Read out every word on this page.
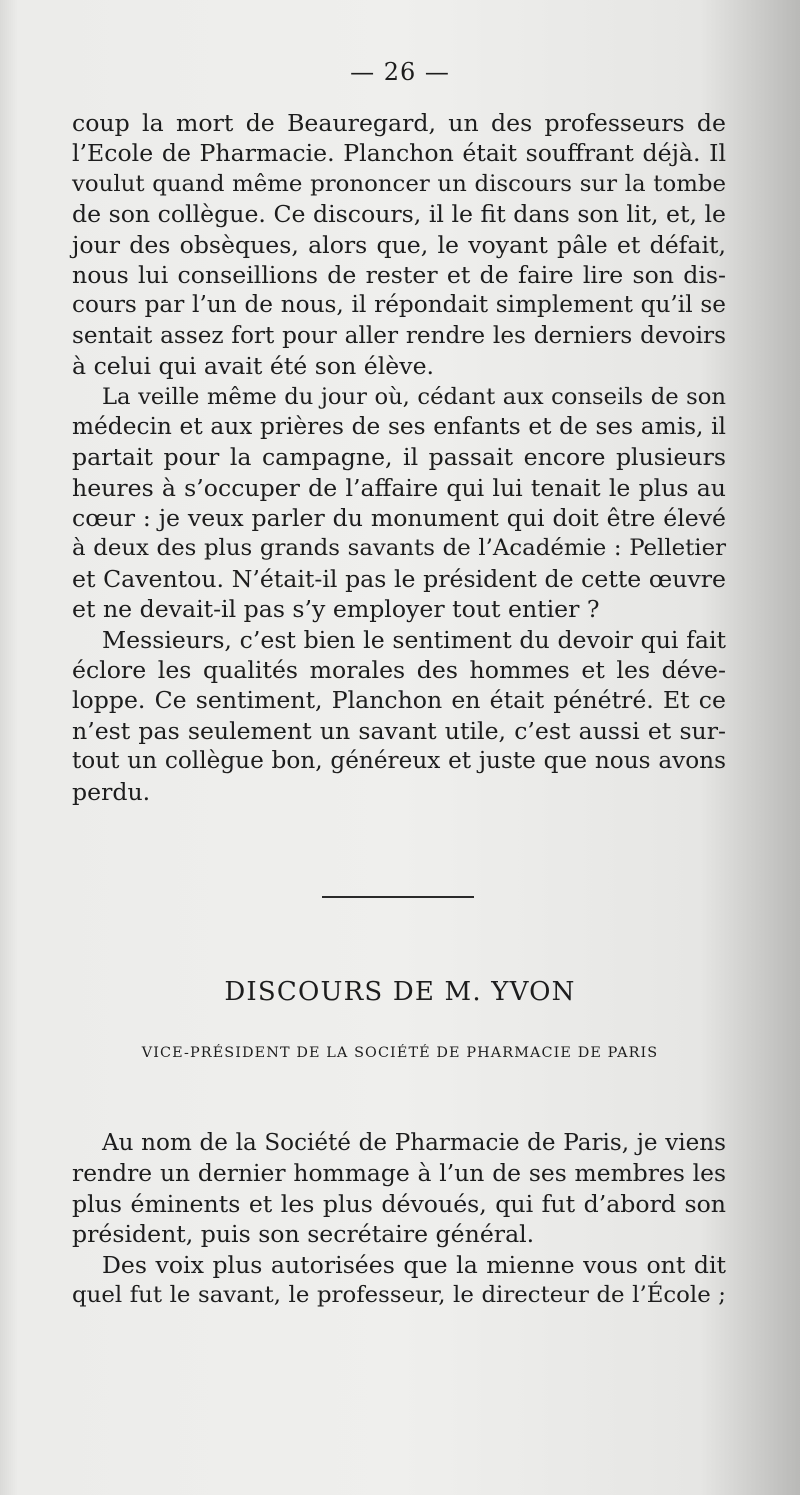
— 26 —
coup la mort de Beauregard, un des professeurs de
l’Ecole de Pharmacie. Planchon était souffrant déjà. Il
voulut quand même prononcer un discours sur la tombe
de son collègue. Ce discours, il le fit dans son lit, et, le
jour des obsèques, alors que, le voyant pâle et défait,
nous lui conseillions de rester et de faire lire son dis-
cours par l’un de nous, il répondait simplement qu’il se
sentait assez fort pour aller rendre les derniers devoirs
à celui qui avait été son élève.
La veille même du jour où, cédant aux conseils de son
médecin et aux prières de ses enfants et de ses amis, il
partait pour la campagne, il passait encore plusieurs
heures à s’occuper de l’affaire qui lui tenait le plus au
cœur : je veux parler du monument qui doit être élevé
à deux des plus grands savants de l’Académie : Pelletier
et Caventou. N’était-il pas le président de cette œuvre
et ne devait-il pas s’y employer tout entier ?
Messieurs, c’est bien le sentiment du devoir qui fait
éclore les qualités morales des hommes et les déve-
loppe. Ce sentiment, Planchon en était pénétré. Et ce
n’est pas seulement un savant utile, c’est aussi et sur-
tout un collègue bon, généreux et juste que nous avons
perdu.
DISCOURS DE M. YVON
VICE-PRÉSIDENT DE LA SOCIÉTÉ DE PHARMACIE DE PARIS
Au nom de la Société de Pharmacie de Paris, je viens
rendre un dernier hommage à l’un de ses membres les
plus éminents et les plus dévoués, qui fut d’abord son
président, puis son secrétaire général.
Des voix plus autorisées que la mienne vous ont dit
quel fut le savant, le professeur, le directeur de l’École ;
